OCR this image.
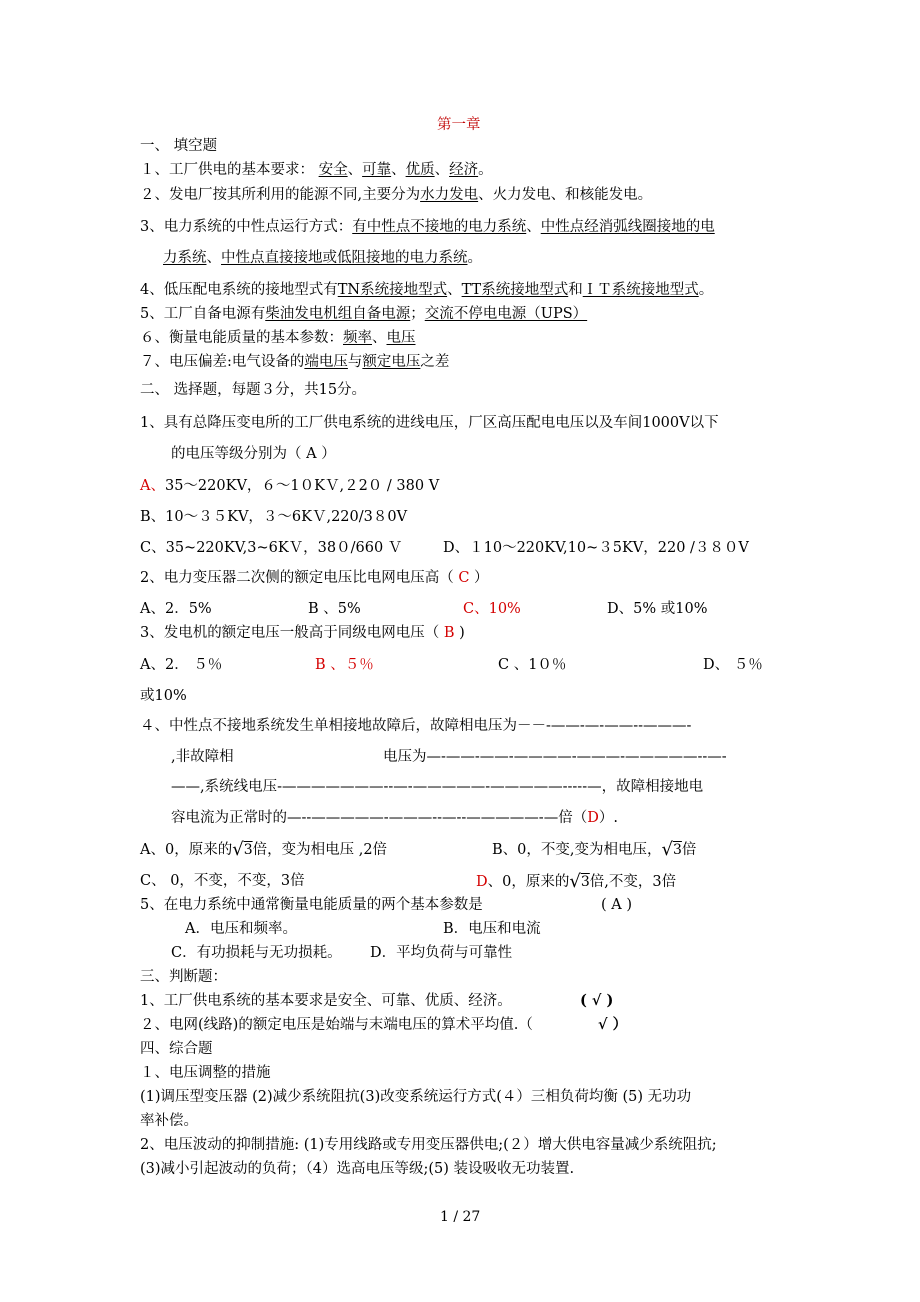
第一章
一、 填空题
１、工厂供电的基本要求： 安全、可靠、优质、经济。
２、发电厂按其所利用的能源不同,主要分为水力发电、火力发电、和核能发电。
3、电力系统的中性点运行方式：有中性点不接地的电力系统、中性点经消弧线圈接地的电
力系统、中性点直接接地或低阻接地的电力系统。
4、低压配电系统的接地型式有TN系统接地型式、TT系统接地型式和ＩＴ系统接地型式。
5、工厂自备电源有柴油发电机组自备电源；交流不停电电源（UPS）
６、衡量电能质量的基本参数：频率、电压
７、电压偏差:电气设备的端电压与额定电压之差
二、 选择题，每题３分，共15分。
1、具有总降压变电所的工厂供电系统的进线电压，厂区高压配电电压以及车间1000V以下
的电压等级分别为（ A ）
A、35～220KV，６～1０KＶ,２2０ / 380 V
B、10～３５KV，３～6KＶ,220/3８0V
C、35~220KV,3~6KＶ，38０/660 Ｖ	D、１10～220KV,10~３5KV，220 /３８０V
2、电力变压器二次侧的额定电压比电网电压高（ C ）
A、2．5%	B 、5%	C、10%	D、5% 或10%
3、发电机的额定电压一般高于同级电网电压（ B )
A、2． ５％	B 、５％	C 、1０％	D、 ５％
或10%
４、中性点不接地系统发生单相接地故障后，故障相电压为－－-——-—-——--———-
,非故障相	电压为—-——-——-————-———-—————--—-
——,系统线电压-———————--—-—————-—————-----—，故障相接地电
容电流为正常时的—--—————-———--—--—————-—倍（D）.
A、0，原来的√3倍，变为相电压 ,2倍	B、0，不变,变为相电压，√3倍
C、 0，不变，不变，3倍	D、0，原来的√3倍,不变，3倍
5、在电力系统中通常衡量电能质量的两个基本参数是	( A )
A．电压和频率。	B．电压和电流
C．有功损耗与无功损耗。 D．平均负荷与可靠性
三、判断题：
1、工厂供电系统的基本要求是安全、可靠、优质、经济。	( √ )
２、电网(线路)的额定电压是始端与末端电压的算术平均值.（	√ ）
四、综合题
１、电压调整的措施
(1)调压型变压器 (2)减少系统阻抗(3)改变系统运行方式(４）三相负荷均衡 (5) 无功功
率补偿。
2、电压波动的抑制措施: (1)专用线路或专用变压器供电;(２）增大供电容量减少系统阻抗;
(3)减小引起波动的负荷；（4）选高电压等级;(5) 装设吸收无功装置.
1 / 27
